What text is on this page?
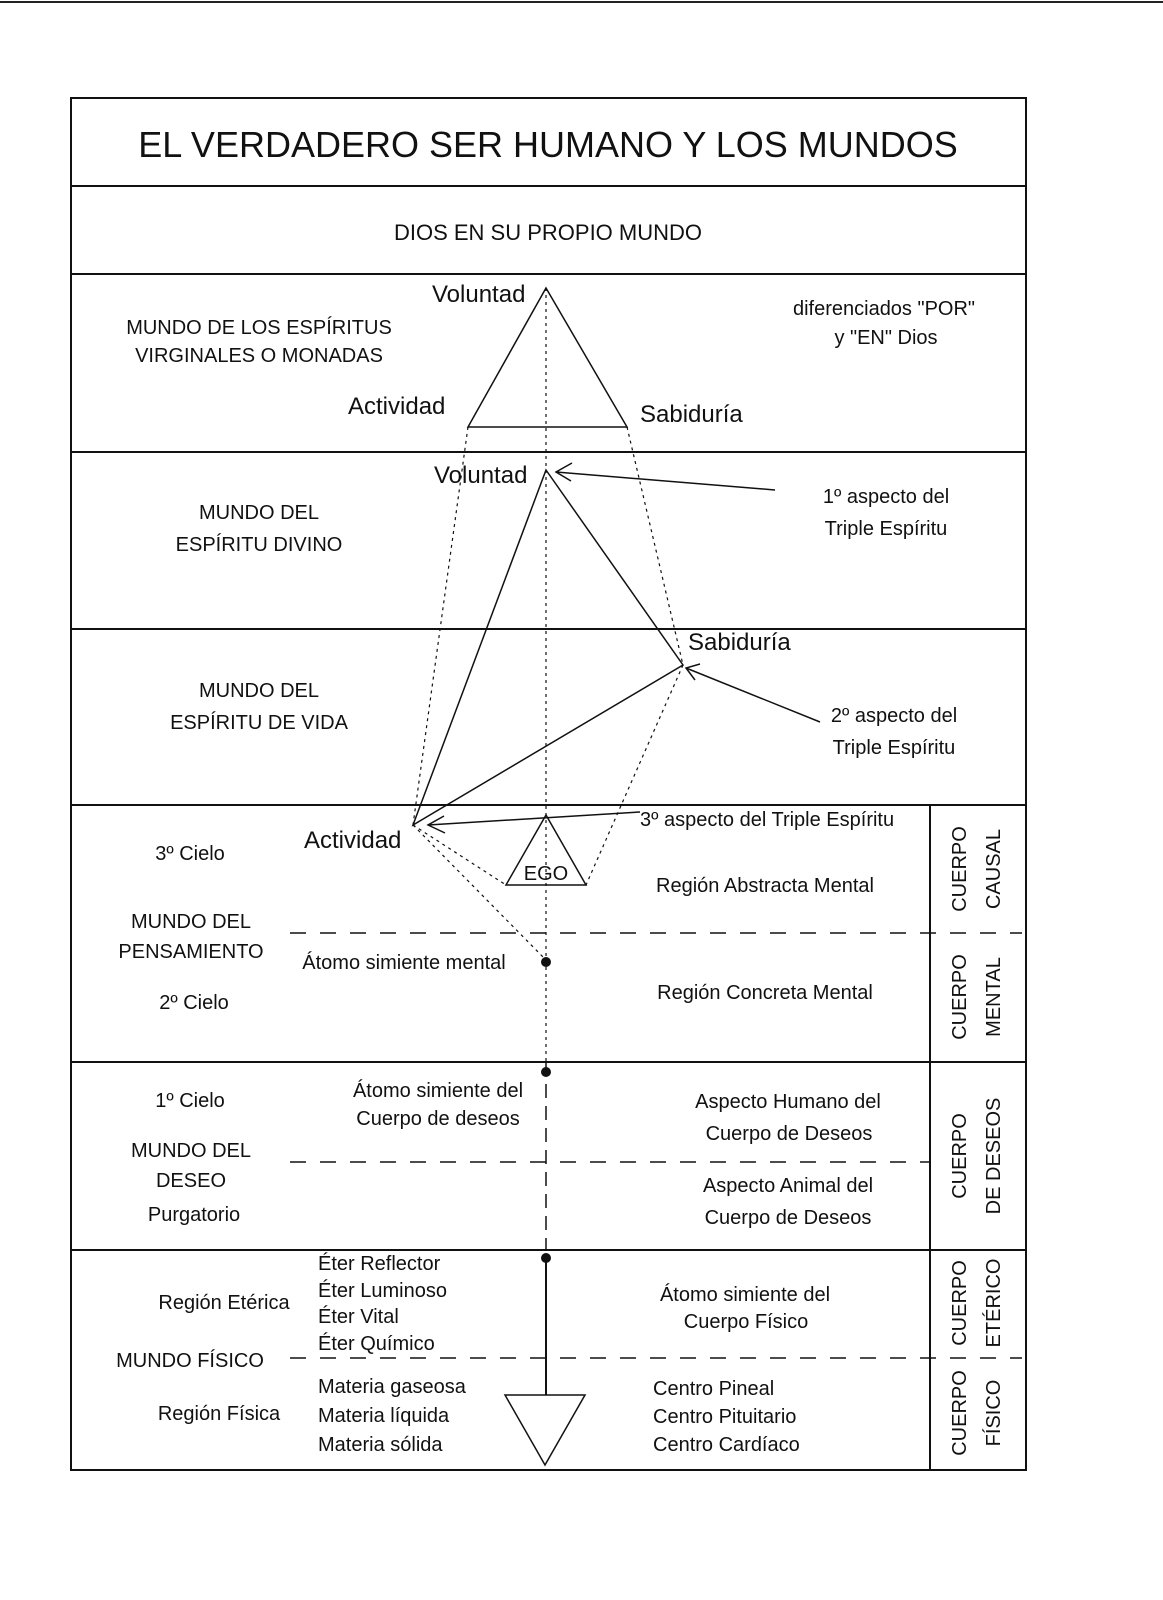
EL VERDADERO SER HUMANO Y LOS MUNDOS
DIOS EN SU PROPIO MUNDO
MUNDO DE LOS ESPÍRITUS
VIRGINALES O MONADAS
Voluntad
Actividad	Sabiduría
diferenciados "POR"
y "EN" Dios
MUNDO DEL
ESPÍRITU DIVINO
Voluntad
1º aspecto del
Triple Espíritu
MUNDO DEL
ESPÍRITU DE VIDA
Sabiduría
2º aspecto del
Triple Espíritu
3º Cielo
MUNDO DEL
PENSAMIENTO
2º Cielo
Actividad
3º aspecto del Triple Espíritu
EGO
Región Abstracta Mental
Átomo simiente mental
Región Concreta Mental
CUERPO CAUSAL
CUERPO MENTAL
1º Cielo
MUNDO DEL
DESEO
Purgatorio
Átomo simiente del
Cuerpo de deseos
Aspecto Humano del
Cuerpo de Deseos
Aspecto Animal del
Cuerpo de Deseos
CUERPO DE DESEOS
Región Etérica
MUNDO FÍSICO
Región Física
Éter Reflector
Éter Luminoso
Éter Vital
Éter Químico
Materia gaseosa
Materia líquida
Materia sólida
Átomo simiente del
Cuerpo Físico
Centro Pineal
Centro Pituitario
Centro Cardíaco
CUERPO ETÉRICO
CUERPO FÍSICO
